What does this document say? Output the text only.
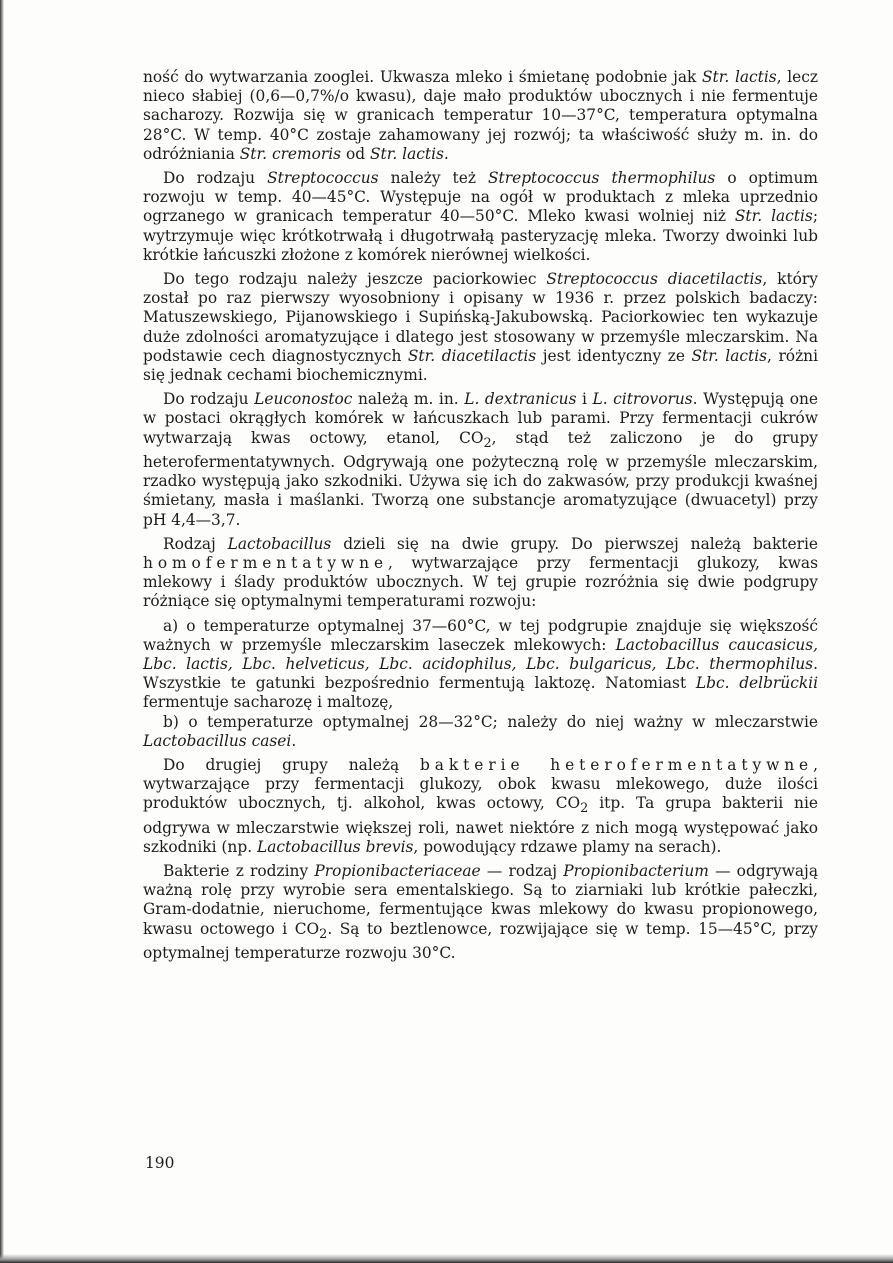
ność do wytwarzania zooglei. Ukwasza mleko i śmietanę podobnie jak Str. lactis, lecz nieco słabiej (0,6—0,7%/o kwasu), daje mało produktów ubocznych i nie fermentuje sacharozy. Rozwija się w granicach temperatur 10—37°C, temperatura optymalna 28°C. W temp. 40°C zostaje zahamowany jej rozwój; ta właściwość służy m. in. do odróżniania Str. cremoris od Str. lactis.

Do rodzaju Streptococcus należy też Streptococcus thermophilus o optimum rozwoju w temp. 40—45°C. Występuje na ogół w produktach z mleka uprzednio ogrzanego w granicach temperatur 40—50°C. Mleko kwasi wolniej niż Str. lactis; wytrzymuje więc krótkotrwałą i długotrwałą pasteryzację mleka. Tworzy dwoinki lub krótkie łańcuszki złożone z komórek nierównej wielkości.

Do tego rodzaju należy jeszcze paciorkowiec Streptococcus diacetilactis, który został po raz pierwszy wyosobniony i opisany w 1936 r. przez polskich badaczy: Matuszewskiego, Pijanowskiego i Supińską-Jakubowską. Paciorkowiec ten wykazuje duże zdolności aromatyzujące i dlatego jest stosowany w przemyśle mleczarskim. Na podstawie cech diagnostycznych Str. diacetilactis jest identyczny ze Str. lactis, różni się jednak cechami biochemicznymi.

Do rodzaju Leuconostoc należą m. in. L. dextranicus i L. citrovorus. Występują one w postaci okrągłych komórek w łańcuszkach lub parami. Przy fermentacji cukrów wytwarzają kwas octowy, etanol, $CO_2$, stąd też zaliczono je do grupy heterofermentatywnych. Odgrywają one pożyteczną rolę w przemyśle mleczarskim, rzadko występują jako szkodniki. Używa się ich do zakwasów, przy produkcji kwaśnej śmietany, masła i maślanki. Tworzą one substancje aromatyzujące (dwuacetyl) przy pH 4,4—3,7.

Rodzaj Lactobacillus dzieli się na dwie grupy. Do pierwszej należą bakterie homofermentatywne, wytwarzające przy fermentacji glukozy, kwas mlekowy i ślady produktów ubocznych. W tej grupie rozróżnia się dwie podgrupy różniące się optymalnymi temperaturami rozwoju:

a) o temperaturze optymalnej 37—60°C, w tej podgrupie znajduje się większość ważnych w przemyśle mleczarskim laseczek mlekowych: Lactobacillus caucasicus, Lbc. lactis, Lbc. helveticus, Lbc. acidophilus, Lbc. bulgaricus, Lbc. thermophilus. Wszystkie te gatunki bezpośrednio fermentują laktozę. Natomiast Lbc. delbrückii fermentuje sacharozę i maltozę,

b) o temperaturze optymalnej 28—32°C; należy do niej ważny w mleczarstwie Lactobacillus casei.

Do drugiej grupy należą bakterie heterofermentatywne, wytwarzające przy fermentacji glukozy, obok kwasu mlekowego, duże ilości produktów ubocznych, tj. alkohol, kwas octowy, $CO_2$ itp. Ta grupa bakterii nie odgrywa w mleczarstwie większej roli, nawet niektóre z nich mogą występować jako szkodniki (np. Lactobacillus brevis, powodujący rdzawe plamy na serach).

Bakterie z rodziny Propionibacteriaceae — rodzaj Propionibacterium — odgrywają ważną rolę przy wyrobie sera ementalskiego. Są to ziarniaki lub krótkie pałeczki, Gram-dodatnie, nieruchome, fermentujące kwas mlekowy do kwasu propionowego, kwasu octowego i $CO_2$. Są to beztlenowce, rozwijające się w temp. 15—45°C, przy optymalnej temperaturze rozwoju 30°C.

190
